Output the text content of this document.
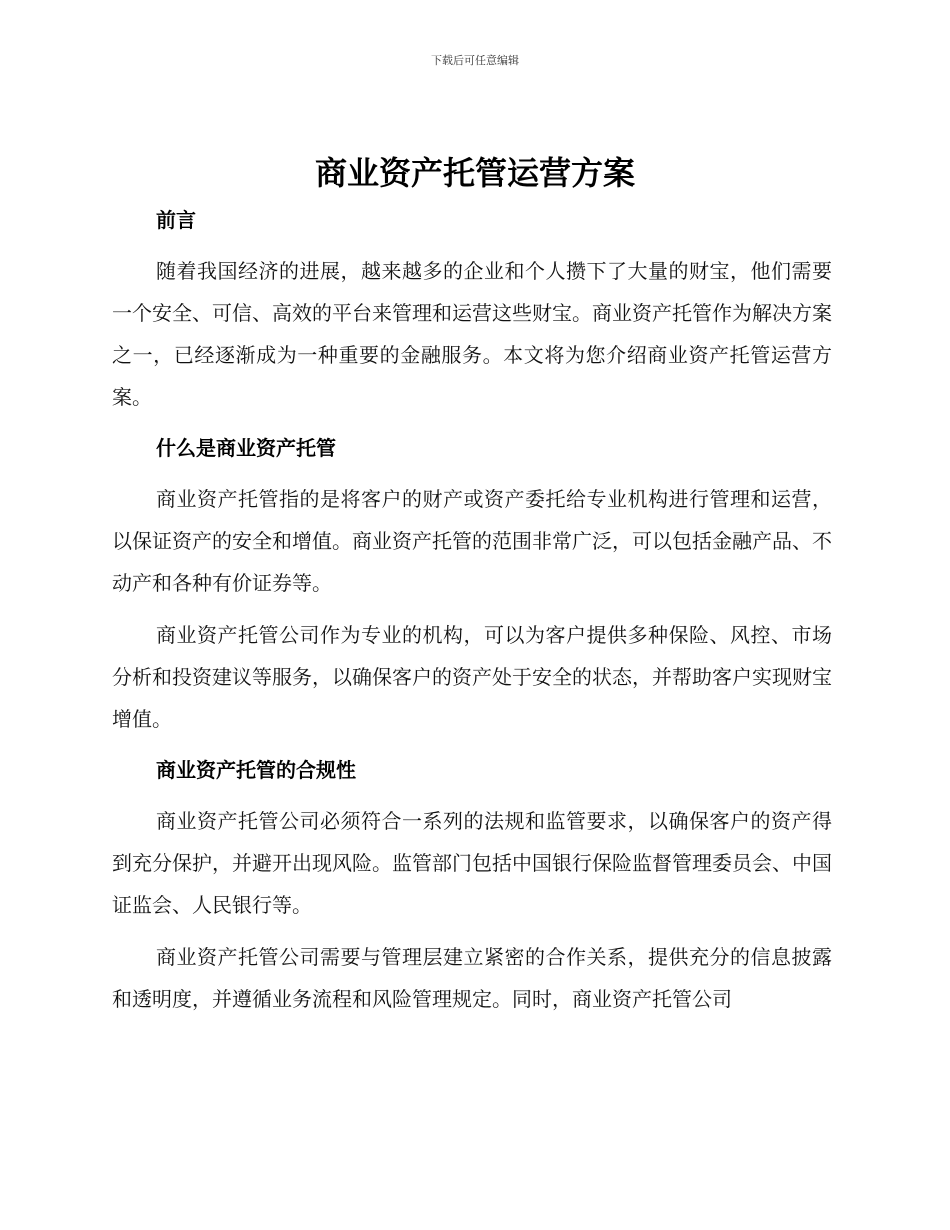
下载后可任意编辑
商业资产托管运营方案
前言

随着我国经济的进展，越来越多的企业和个人攒下了大量的财宝，他们需要一个安全、可信、高效的平台来管理和运营这些财宝。商业资产托管作为解决方案之一，已经逐渐成为一种重要的金融服务。本文将为您介绍商业资产托管运营方案。

什么是商业资产托管

商业资产托管指的是将客户的财产或资产委托给专业机构进行管理和运营，以保证资产的安全和增值。商业资产托管的范围非常广泛，可以包括金融产品、不动产和各种有价证券等。

商业资产托管公司作为专业的机构，可以为客户提供多种保险、风控、市场分析和投资建议等服务，以确保客户的资产处于安全的状态，并帮助客户实现财宝增值。

商业资产托管的合规性

商业资产托管公司必须符合一系列的法规和监管要求，以确保客户的资产得到充分保护，并避开出现风险。监管部门包括中国银行保险监督管理委员会、中国证监会、人民银行等。

商业资产托管公司需要与管理层建立紧密的合作关系，提供充分的信息披露和透明度，并遵循业务流程和风险管理规定。同时，商业资产托管公司
